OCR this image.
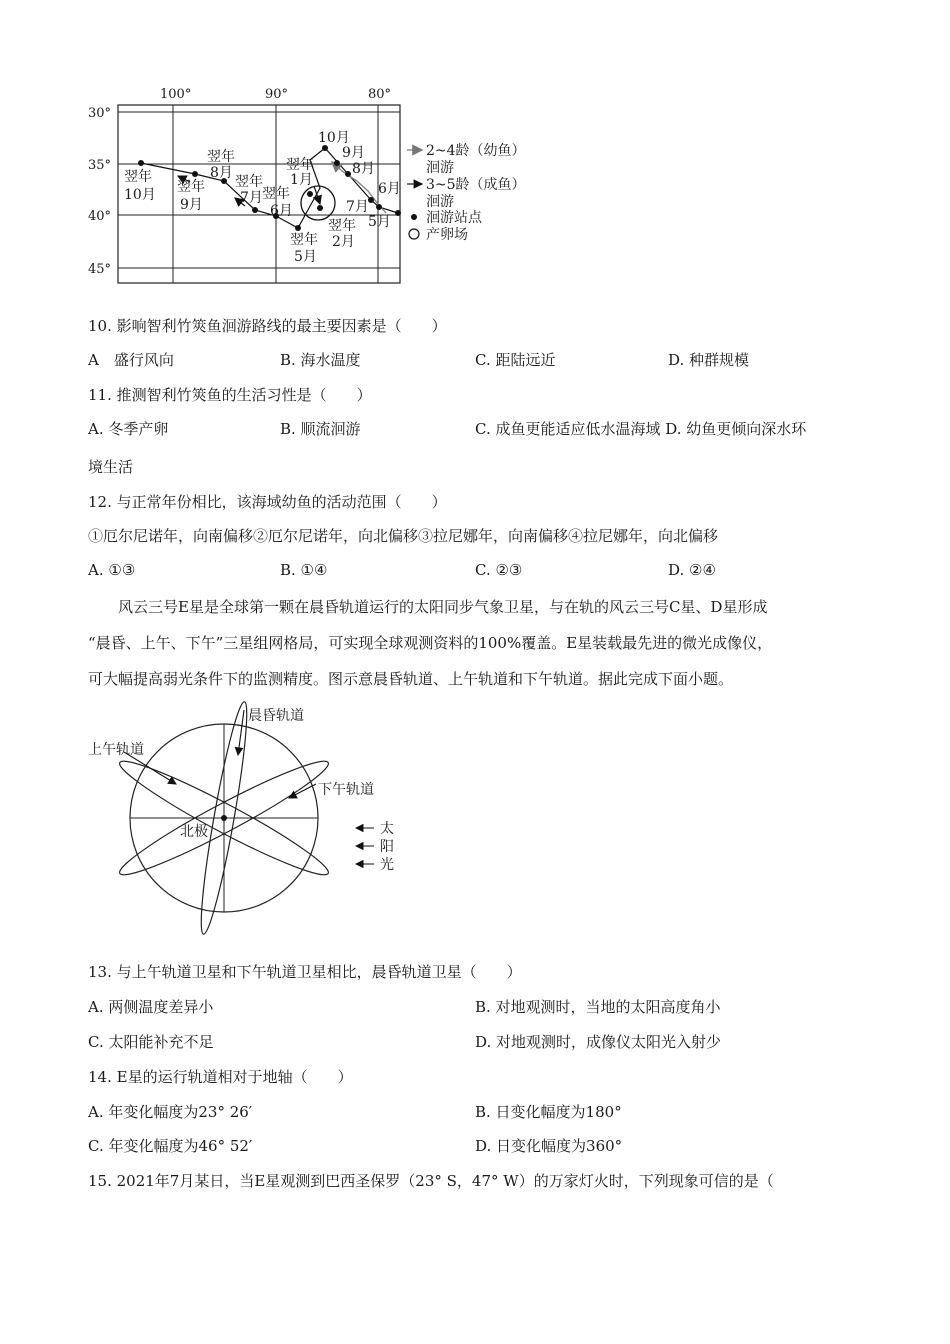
100°	90°	80°
30°
35°
40°
45°
翌年
10月 翌年
9月
翌年
8月
翌年
7月 翌年
6月
翌年
5月
翌年
1月
翌年
2月
10月
9月
8月
7月
6月
5月
2~4龄（幼鱼）
洄游
3~5龄（成鱼）
洄游
洄游站点
产卵场
10. 影响智利竹筴鱼洄游路线的最主要因素是（　　）
A　盛行风向	B. 海水温度	C. 距陆远近	D. 种群规模
11. 推测智利竹筴鱼的生活习性是（　　）
A. 冬季产卵	B. 顺流洄游	C. 成鱼更能适应低水温海域 D. 幼鱼更倾向深水环
境生活
12. 与正常年份相比，该海域幼鱼的活动范围（　　）
①厄尔尼诺年，向南偏移②厄尔尼诺年，向北偏移③拉尼娜年，向南偏移④拉尼娜年，向北偏移
A. ①③	B. ①④	C. ②③	D. ②④
风云三号E星是全球第一颗在晨昏轨道运行的太阳同步气象卫星，与在轨的风云三号C星、D星形成
“晨昏、上午、下午”三星组网格局，可实现全球观测资料的100%覆盖。E星装载最先进的微光成像仪，
可大幅提高弱光条件下的监测精度。图示意晨昏轨道、上午轨道和下午轨道。据此完成下面小题。
晨昏轨道
上午轨道
下午轨道
北极	太
阳
光
13. 与上午轨道卫星和下午轨道卫星相比，晨昏轨道卫星（　　）
A. 两侧温度差异小	B. 对地观测时，当地的太阳高度角小
C. 太阳能补充不足	D. 对地观测时，成像仪太阳光入射少
14. E星的运行轨道相对于地轴（　　）
A. 年变化幅度为23° 26′	B. 日变化幅度为180°
C. 年变化幅度为46° 52′	D. 日变化幅度为360°
15. 2021年7月某日，当E星观测到巴西圣保罗（23° S，47° W）的万家灯火时，下列现象可信的是（
